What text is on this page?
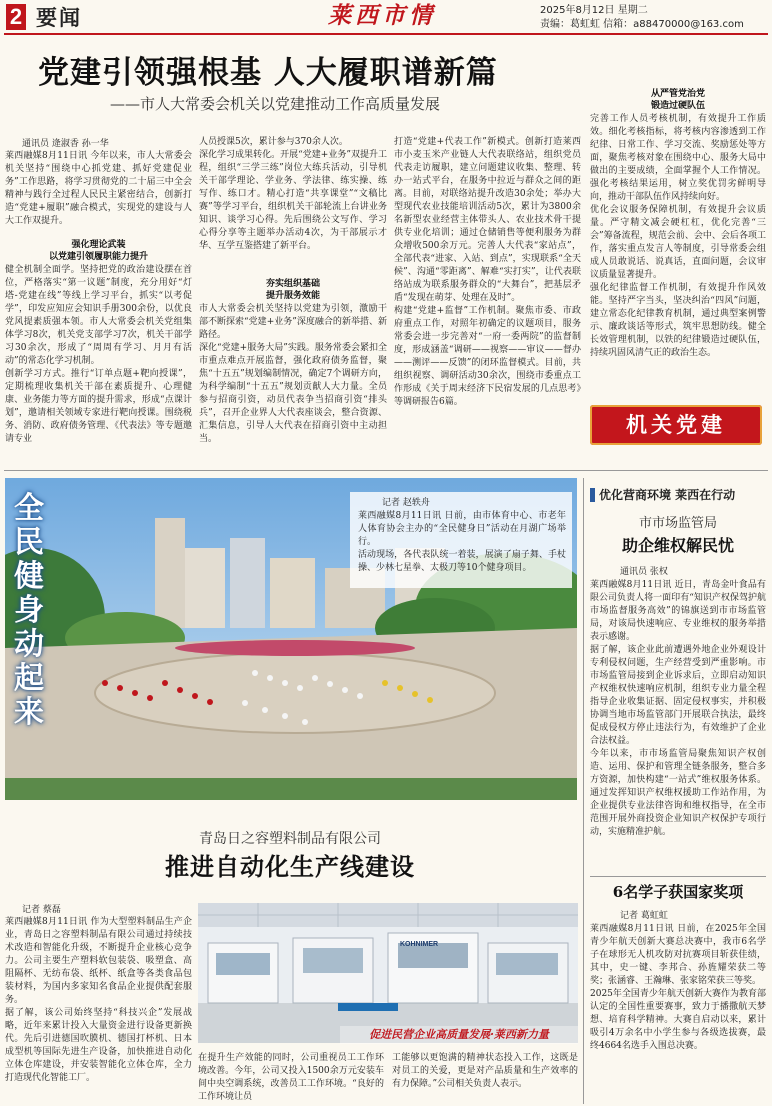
2 要闻	莱西市情	2025年8月12日 星期二
责编：葛虹虹 信箱：a88470000@163.com
党建引领强根基 人大履职谱新篇
——市人大常委会机关以党建推动工作高质量发展
通讯员 逄淑香 孙一华
莱西融媒8月11日讯 今年以来，市人大常委会机关坚持“围绕中心抓党建、抓好党建促业务”工作思路，将学习贯彻党的二十届三中全会精神与践行全过程人民民主紧密结合，创新打造“党建+履职”融合模式，实现党的建设与人大工作双提升。
强化理论武装
以党建引领履职能力提升
健全机制全面学。坚持把党的政治建设摆在首位，严格落实“第一议题”制度，充分用好“灯塔-党建在线”等线上学习平台，抓实“以考促学”，印发应知应会知识手册300余份，以优良党风提素质强本领。市人大常委会机关党组集体学习8次，机关党支部学习7次，机关干部学习30余次，形成了“周周有学习、月月有活动”的常态化学习机制。
创新学习方式。推行“订单点题+靶向授课”，定期梳理收集机关干部在素质提升、心理健康、业务能力等方面的提升需求，形成“点课计划”，邀请相关领域专家进行靶向授课。围绕税务、消防、政府债务管理、《代表法》等专题邀请专业
人员授课5次，累计参与370余人次。
深化学习成果转化。开展“党建+业务”双提升工程，组织“三学三练”岗位大练兵活动，引导机关干部学理论、学业务、学法律、练实操、练写作、练口才。精心打造“共享课堂”“文稿比赛”等学习平台，组织机关干部轮流上台讲业务知识、谈学习心得。先后围绕公文写作、学习心得分享等主题举办活动4次，为干部展示才华、互学互鉴搭建了新平台。
夯实组织基础
提升服务效能
市人大常委会机关坚持以党建为引领，激励干部不断探索“党建+业务”深度融合的新举措、新路径。
深化“党建+服务大局”实践。服务常委会紧扣全市重点难点开展监督，强化政府债务监督，聚焦“十五五”规划编制情况，确定7个调研方向，为科学编制“十五五”规划贡献人大力量。全员参与招商引资，动员代表争当招商引资“排头兵”，召开企业界人大代表座谈会，整合资源、汇集信息，引导人大代表在招商引资中主动担当。
打造“党建+代表工作”新模式。创新打造莱西市小麦玉米产业链人大代表联络站，组织党员代表走访履职，建立问题建议收集、整理、转办一站式平台，在服务中拉近与群众之间的距离。目前，对联络站提升改造30余处；举办大型现代农业技能培训活动5次，累计为3800余名新型农业经营主体带头人、农业技术骨干提供专业化培训；通过仓储销售等便利服务为群众增收500余万元。完善人大代表“家站点”，全部代表“进家、入站、到点”，实现联系“全天候”、沟通“零距离”、解难“实打实”，让代表联络站成为联系服务群众的“大舞台”，把基层矛盾“发现在萌芽、处理在及时”。
构建“党建+监督”工作机制。聚焦市委、市政府重点工作，对照年初确定的议题项目，服务常委会进一步完善对“一府一委两院”的监督制度，形成涵盖“调研——视察——审议——督办——测评——反馈”的闭环监督模式。目前，共组织视察、调研活动30余次，围绕市委重点工作形成《关于周末经济下民宿发展的几点思考》等调研报告6篇。
从严管党治党
锻造过硬队伍
完善工作人员考核机制，有效提升工作质效。细化考核指标，将考核内容渗透到工作纪律、日常工作、学习交流、奖励惩处等方面，聚焦考核对象在围绕中心、服务大局中做出的主要成绩，全面掌握个人工作情况。强化考核结果运用，树立奖优罚劣鲜明导向，推动干部队伍作风持续向好。
优化会议服务保障机制，有效提升会议质量。严守精文减会硬杠杠，优化完善“三会”筹备流程，规范会前、会中、会后各项工作，落实重点发言人等制度，引导常委会组成人员敢说话、说真话，直面问题，会议审议质量显著提升。
强化纪律监督工作机制，有效提升作风效能。坚持严字当头，坚决纠治“四风”问题，建立常态化纪律教育机制，通过典型案例警示、廉政谈话等形式，筑牢思想防线。健全长效管理机制，以铁的纪律锻造过硬队伍，持续巩固风清气正的政治生态。
机关党建
全民健身动起来
记者 赵轶舟
莱西融媒8月11日讯 日前，由市体育中心、市老年人体育协会主办的“全民健身日”活动在月湖广场举行。
活动现场，各代表队统一着装，展演了扇子舞、手杖操、少林七星拳、太极刀等10个健身项目。
优化营商环境 莱西在行动
市市场监管局
助企维权解民忧
通讯员 张权
莱西融媒8月11日讯 近日，青岛金叶食品有限公司负责人将一面印有“知识产权保驾护航 市场监督服务高效”的锦旗送到市市场监管局，对该局快速响应、专业维权的服务举措表示感谢。
据了解，该企业此前遭遇外地企业外观设计专利侵权问题，生产经营受到严重影响。市市场监管局接到企业诉求后，立即启动知识产权维权快速响应机制，组织专业力量全程指导企业收集证据、固定侵权事实，并积极协调当地市场监管部门开展联合执法，最终促成侵权方停止违法行为，有效维护了企业合法权益。
今年以来，市市场监管局聚焦知识产权创造、运用、保护和管理全链条服务，整合多方资源，加快构建“一站式”维权服务体系。通过发挥知识产权维权援助工作站作用，为企业提供专业法律咨询和维权指导，在全市范围开展外商投资企业知识产权保护专项行动，实施精准护航。
6名学子获国家奖项
记者 葛虹虹
莱西融媒8月11日讯 日前，在2025年全国青少年航天创新大赛总决赛中，我市6名学子在球形无人机攻防对抗赛项目斩获佳绩，其中，史一键、李邦合、孙旌耀荣获二等奖；张涵睿、王瀚琳、张家铭荣获三等奖。
2025年全国青少年航天创新大赛作为教育部认定的全国性重要赛事，致力于播撒航天梦想、培育科学精神。大赛自启动以来，累计吸引4万余名中小学生参与各级选拔赛，最终4664名选手入围总决赛。
青岛日之容塑料制品有限公司
推进自动化生产线建设
记者 蔡磊
莱西融媒8月11日讯 作为大型塑料制品生产企业，青岛日之容塑料制品有限公司通过持续技术改造和智能化升级，不断提升企业核心竞争力。公司主要生产塑料软包装袋、吸塑盒、高阻隔杯、无纺布袋、纸杯、纸盒等各类食品包装材料，为国内多家知名食品企业提供配套服务。
据了解，该公司始终坚持“科技兴企”发展战略，近年来累计投入大量资金进行设备更新换代。先后引进德国吹膜机、德国打杯机、日本成型机等国际先进生产设备，加快推进自动化立体仓库建设，并安装智能化立体仓库，全力打造现代化智能工厂。
KOHNIMER
促进民营企业高质量发展·莱西新力量
在提升生产效能的同时，公司重视员工工作环境改善。今年，公司又投入1500余万元安装车间中央空调系统，改善员工工作环境。“良好的工作环境让员
工能够以更饱满的精神状态投入工作，这既是对员工的关爱，更是对产品质量和生产效率的有力保障。”公司相关负责人表示。
